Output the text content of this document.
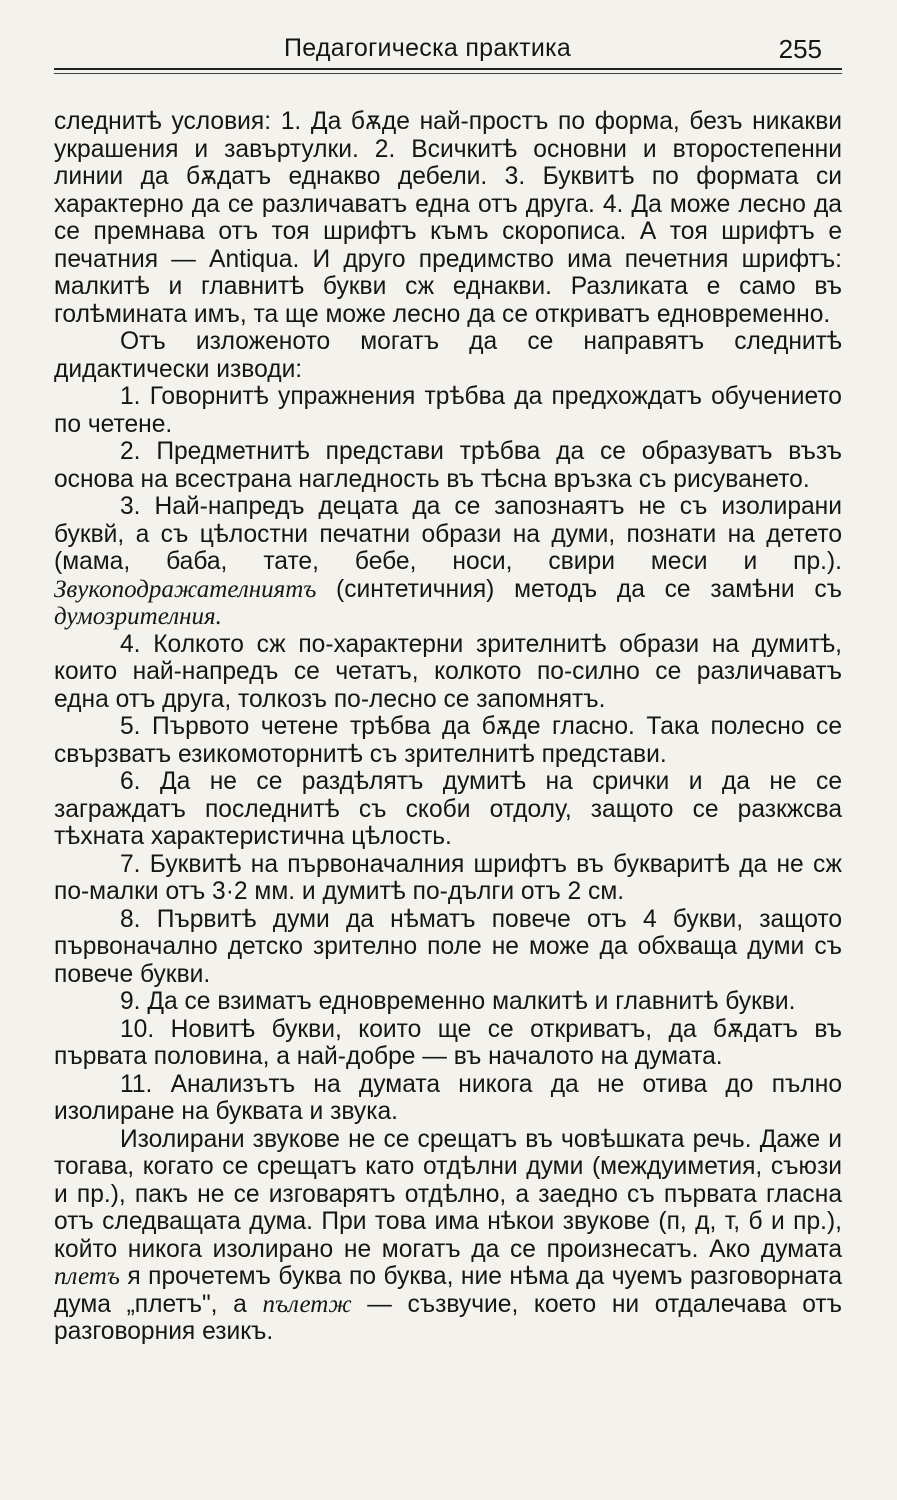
Педагогическа практика	255

следнитѣ условия: 1. Да бѫде най-простъ по форма, безъ никакви украшения и завъртулки. 2. Всичкитѣ основни и второстепенни линии да бѫдатъ еднакво дебели. 3. Буквитѣ по формата си характерно да се различаватъ една отъ друга. 4. Да може лесно да се премнава отъ тоя шрифтъ къмъ скорописа. А тоя шрифтъ е печатния — Antiqua. И друго предимство има печетния шрифтъ: малкитѣ и главнитѣ букви сж еднакви. Разликата е само въ голѣмината имъ, та ще може лесно да се откриватъ едновременно.

Отъ изложеното могатъ да се направятъ следнитѣ дидактически изводи:

1. Говорнитѣ упражнения трѣбва да предхождатъ обучението по четене.

2. Предметнитѣ представи трѣбва да се образуватъ възъ основа на всестрана нагледность въ тѣсна връзка съ рисуването.

3. Най-напредъ децата да се запознаятъ не съ изолирани буквй, а съ цѣлостни печатни образи на думи, познати на детето (мама, баба, тате, бебе, носи, свири меси и пр.). Звукоподражателниятъ (синтетичния) методъ да се замѣни съ думозрителния.

4. Колкото сж по-характерни зрителнитѣ образи на думитѣ, които най-напредъ се четатъ, колкото по-силно се различаватъ една отъ друга, толкозъ по-лесно се запомнятъ.

5. Първото четене трѣбва да бѫде гласно. Така полесно се свързватъ езикомоторнитѣ съ зрителнитѣ представи.

6. Да не се раздѣлятъ думитѣ на срички и да не се заграждатъ последнитѣ съ скоби отдолу, защото се разкжсва тѣхната характеристична цѣлость.

7. Буквитѣ на първоначалния шрифтъ въ букваритѣ да не сж по-малки отъ 3·2 мм. и думитѣ по-дълги отъ 2 см.

8. Първитѣ думи да нѣматъ повече отъ 4 букви, защото първоначално детско зрително поле не може да обхваща думи съ повече букви.

9. Да се взиматъ едновременно малкитѣ и главнитѣ букви.

10. Новитѣ букви, които ще се откриватъ, да бѫдатъ въ първата половина, а най-добре — въ началото на думата.

11. Анализътъ на думата никога да не отива до пълно изолиране на буквата и звука.

Изолирани звукове не се срещатъ въ човѣшката речь. Даже и тогава, когато се срещатъ като отдѣлни думи (междуиметия, съюзи и пр.), пакъ не се изговарятъ отдѣлно, а заедно съ първата гласна отъ следващата дума. При това има нѣкои звукове (п, д, т, б и пр.), който никога изолирано не могатъ да се произнесатъ. Ако думата плетъ я прочетемъ буква по буква, ние нѣма да чуемъ разговорната дума „плетъ", а пълетж — съзвучие, което ни отдалечава отъ разговорния езикъ.
